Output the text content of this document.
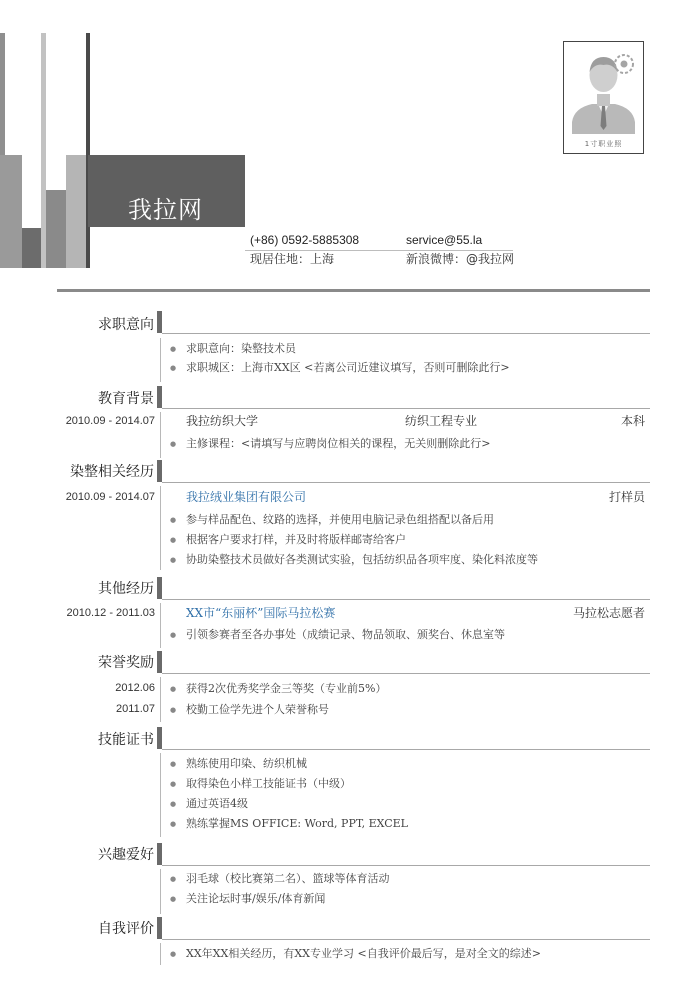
我拉网
(+86) 0592-5885308	service@55.la
现居住地：上海	新浪微博：@我拉网
1寸职业照
求职意向
● 求职意向：染整技术员
● 求职城区：上海市XX区 <若离公司近建议填写，否则可删除此行>
教育背景
2010.09 - 2014.07	我拉纺织大学	纺织工程专业	本科
● 主修课程：<请填写与应聘岗位相关的课程，无关则删除此行>
染整相关经历
2010.09 - 2014.07	我拉绒业集团有限公司	打样员
● 参与样品配色、纹路的选择，并使用电脑记录色组搭配以备后用
● 根据客户要求打样，并及时将版样邮寄给客户
● 协助染整技术员做好各类测试实验，包括纺织品各项牢度、染化料浓度等
其他经历
2010.12 - 2011.03	XX市“东丽杯”国际马拉松赛	马拉松志愿者
● 引领参赛者至各办事处（成绩记录、物品领取、颁奖台、休息室等
荣誉奖励
2012.06 ● 获得2次优秀奖学金三等奖（专业前5%）
2011.07 ● 校勤工俭学先进个人荣誉称号
技能证书
● 熟练使用印染、纺织机械
● 取得染色小样工技能证书（中级）
● 通过英语4级
● 熟练掌握MS OFFICE: Word, PPT, EXCEL
兴趣爱好
● 羽毛球（校比赛第二名）、篮球等体育活动
● 关注论坛时事/娱乐/体育新闻
自我评价
● XX年XX相关经历，有XX专业学习 <自我评价最后写，是对全文的综述>
